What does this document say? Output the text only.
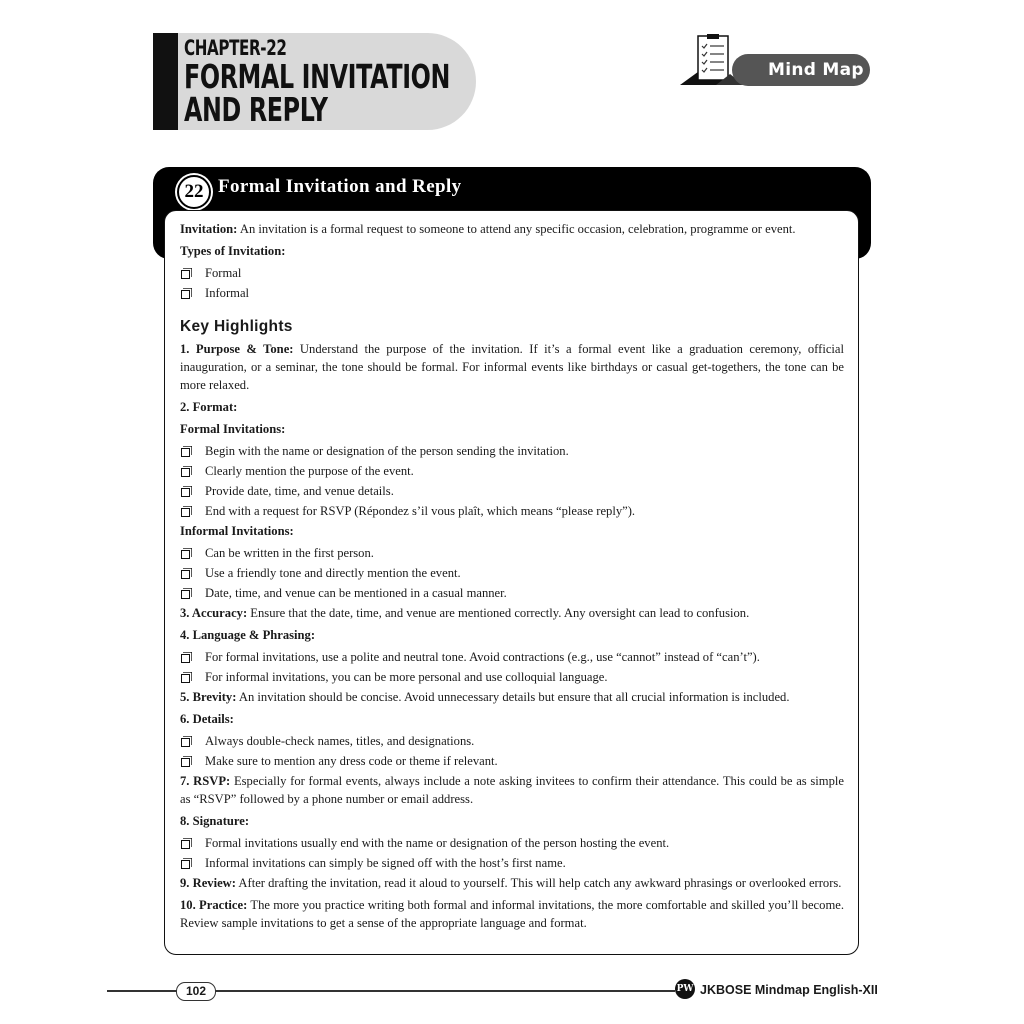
CHAPTER-22
FORMAL INVITATION AND REPLY
Mind Map
22 Formal Invitation and Reply

Invitation: An invitation is a formal request to someone to attend any specific occasion, celebration, programme or event.

Types of Invitation:

Formal
Informal
Key Highlights

1. Purpose & Tone: Understand the purpose of the invitation. If it’s a formal event like a graduation ceremony, official inauguration, or a seminar, the tone should be formal. For informal events like birthdays or casual get-togethers, the tone can be more relaxed.

2. Format:

Formal Invitations:

Begin with the name or designation of the person sending the invitation.
Clearly mention the purpose of the event.
Provide date, time, and venue details.
End with a request for RSVP (Répondez s’il vous plaît, which means “please reply”).

Informal Invitations:

Can be written in the first person.
Use a friendly tone and directly mention the event.
Date, time, and venue can be mentioned in a casual manner.

3. Accuracy: Ensure that the date, time, and venue are mentioned correctly. Any oversight can lead to confusion.

4. Language & Phrasing:

For formal invitations, use a polite and neutral tone. Avoid contractions (e.g., use “cannot” instead of “can’t”).
For informal invitations, you can be more personal and use colloquial language.

5. Brevity: An invitation should be concise. Avoid unnecessary details but ensure that all crucial information is included.

6. Details:

Always double-check names, titles, and designations.
Make sure to mention any dress code or theme if relevant.

7. RSVP: Especially for formal events, always include a note asking invitees to confirm their attendance. This could be as simple as “RSVP” followed by a phone number or email address.

8. Signature:

Formal invitations usually end with the name or designation of the person hosting the event.
Informal invitations can simply be signed off with the host’s first name.

9. Review: After drafting the invitation, read it aloud to yourself. This will help catch any awkward phrasings or overlooked errors.

10. Practice: The more you practice writing both formal and informal invitations, the more comfortable and skilled you’ll become. Review sample invitations to get a sense of the appropriate language and format.

102	PW JKBOSE Mindmap English-XII
